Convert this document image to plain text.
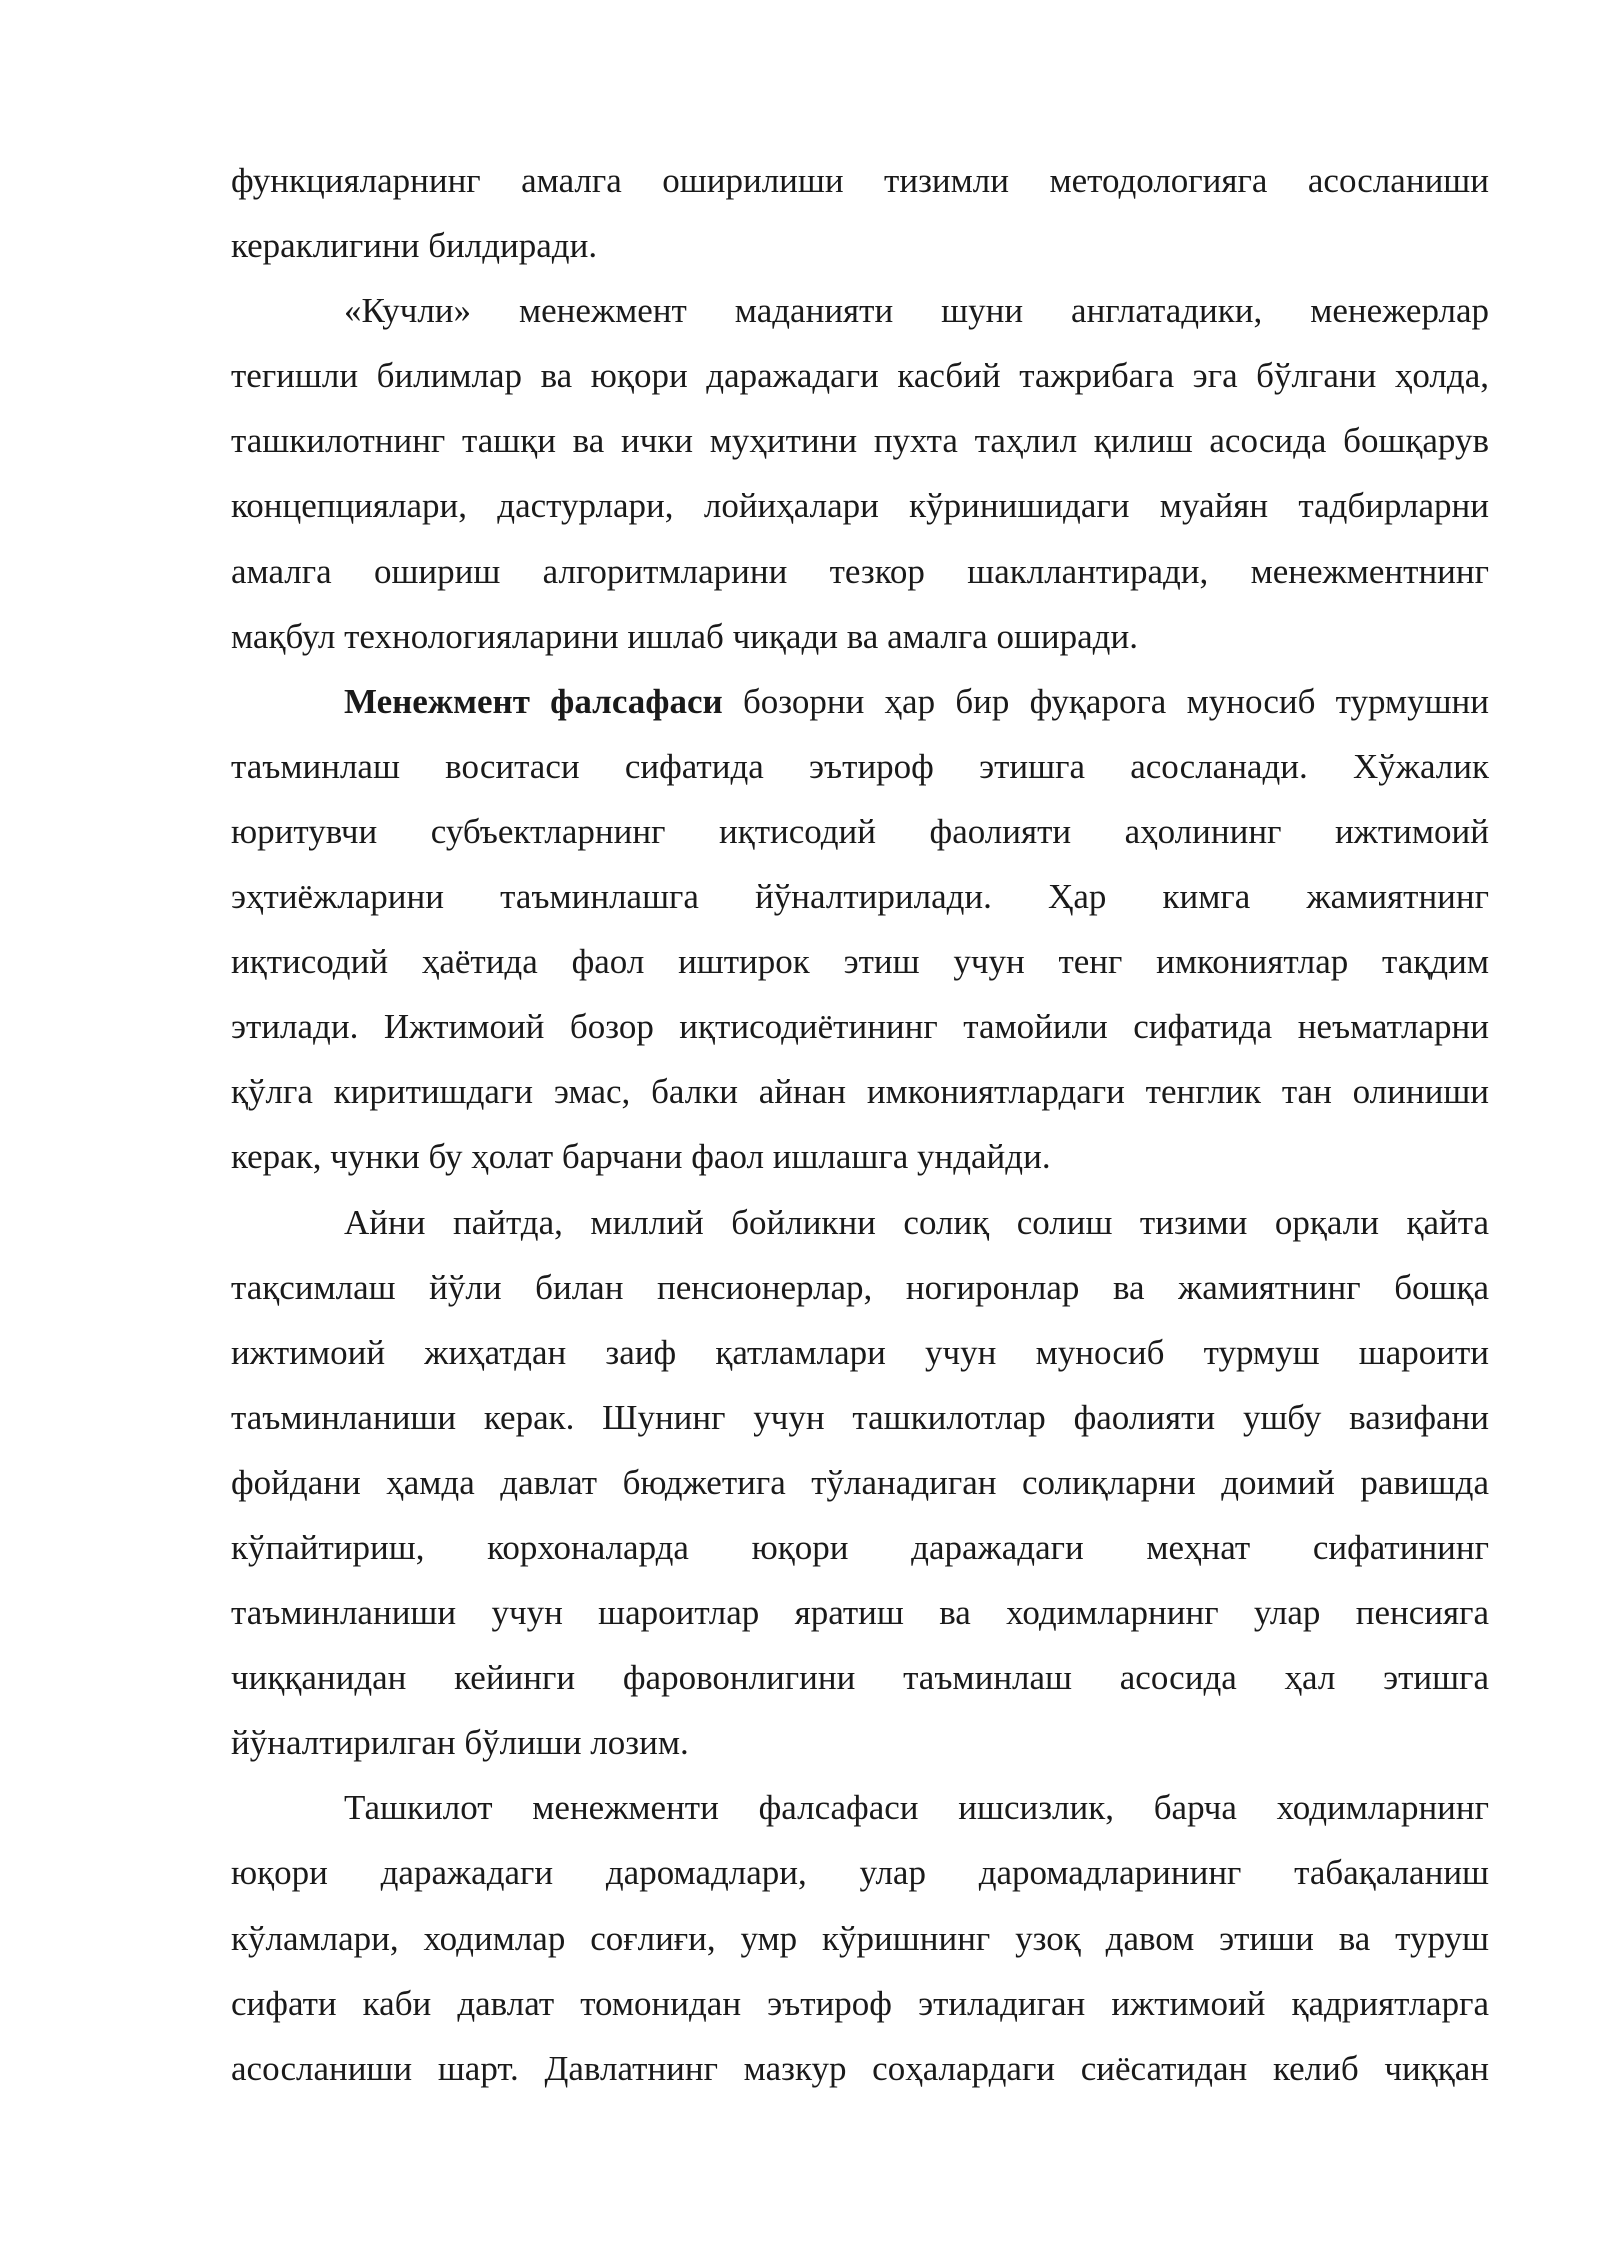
функцияларнинг амалга оширилиши тизимли методологияга асосланиши

кераклигини билдиради.

«Кучли» менежмент маданияти шуни англатадики, менежерлар

тегишли билимлар ва юқори даражадаги касбий тажрибага эга бўлгани ҳолда,

ташкилотнинг ташқи ва ички муҳитини пухта таҳлил қилиш асосида бошқарув

концепциялари, дастурлари, лойиҳалари кўринишидаги муайян тадбирларни

амалга ошириш алгоритмларини тезкор шакллантиради, менежментнинг

мақбул технологияларини ишлаб чиқади ва амалга оширади.

Менежмент фалсафаси бозорни ҳар бир фуқарога муносиб турмушни

таъминлаш воситаси сифатида эътироф этишга асосланади. Хўжалик

юритувчи субъектларнинг иқтисодий фаолияти аҳолининг ижтимоий

эҳтиёжларини таъминлашга йўналтирилади. Ҳар кимга жамиятнинг

иқтисодий ҳаётида фаол иштирок этиш учун тенг имкониятлар тақдим

этилади. Ижтимоий бозор иқтисодиётининг тамойили сифатида неъматларни

қўлга киритишдаги эмас, балки айнан имкониятлардаги тенглик тан олиниши

керак, чунки бу ҳолат барчани фаол ишлашга ундайди.

Айни пайтда, миллий бойликни солиқ солиш тизими орқали қайта

тақсимлаш йўли билан пенсионерлар, ногиронлар ва жамиятнинг бошқа

ижтимоий жиҳатдан заиф қатламлари учун муносиб турмуш шароити

таъминланиши керак. Шунинг учун ташкилотлар фаолияти ушбу вазифани

фойдани ҳамда давлат бюджетига тўланадиган солиқларни доимий равишда

кўпайтириш, корхоналарда юқори даражадаги меҳнат сифатининг

таъминланиши учун шароитлар яратиш ва ходимларнинг улар пенсияга

чиққанидан кейинги фаровонлигини таъминлаш асосида ҳал этишга

йўналтирилган бўлиши лозим.

Ташкилот менежменти фалсафаси ишсизлик, барча ходимларнинг

юқори даражадаги даромадлари, улар даромадларининг табақаланиш

кўламлари, ходимлар соғлиғи, умр кўришнинг узоқ давом этиши ва туруш

сифати каби давлат томонидан эътироф этиладиган ижтимоий қадриятларга

асосланиши шарт. Давлатнинг мазкур соҳалардаги сиёсатидан келиб чиққан
